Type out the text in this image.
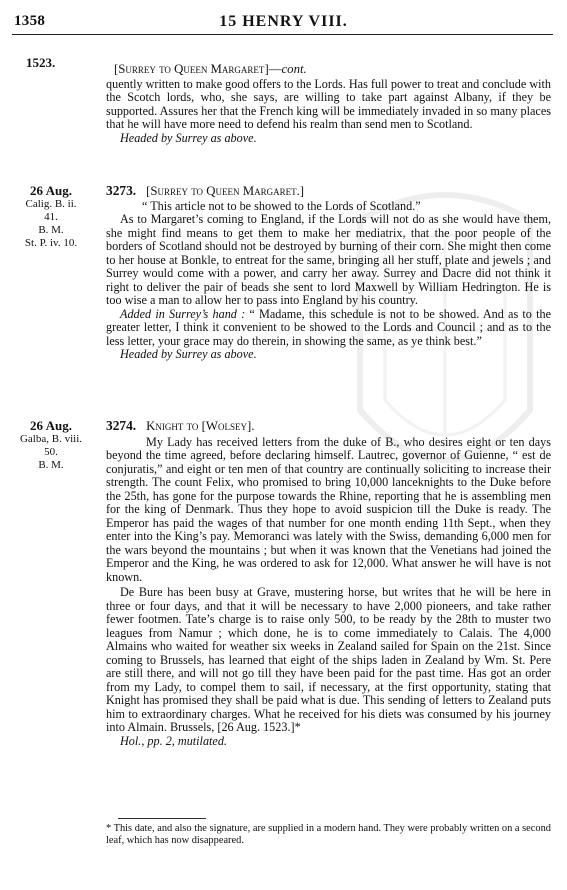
1358	15 HENRY VIII.
1523.	[Surrey to Queen Margaret]—cont.

quently written to make good offers to the Lords. Has full power to treat and conclude with the Scotch lords, who, she says, are willing to take part against Albany, if they be supported. Assures her that the French king will be immediately invaded in so many places that he will have more need to defend his realm than send men to Scotland.

Headed by Surrey as above.

26 Aug.
Calig. B. ii.
41.
B. M.
St. P. iv. 10.

3273. [Surrey to Queen Margaret.]

“ This article not to be showed to the Lords of Scotland.”

As to Margaret’s coming to England, if the Lords will not do as she would have them, she might find means to get them to make her mediatrix, that the poor people of the borders of Scotland should not be destroyed by burning of their corn. She might then come to her house at Bonkle, to entreat for the same, bringing all her stuff, plate and jewels ; and Surrey would come with a power, and carry her away. Surrey and Dacre did not think it right to deliver the pair of beads she sent to lord Maxwell by William Hedrington. He is too wise a man to allow her to pass into England by his country.

Added in Surrey’s hand : “ Madame, this schedule is not to be showed. And as to the greater letter, I think it convenient to be showed to the Lords and Council ; and as to the less letter, your grace may do therein, in showing the same, as ye think best.”

Headed by Surrey as above.

26 Aug.
Galba, B. viii.
50.
B. M.

3274. Knight to [Wolsey].

My Lady has received letters from the duke of B., who desires eight or ten days beyond the time agreed, before declaring himself. Lautrec, governor of Guienne, “ est de conjuratis,” and eight or ten men of that country are continually soliciting to increase their strength. The count Felix, who promised to bring 10,000 lanceknights to the Duke before the 25th, has gone for the purpose towards the Rhine, reporting that he is assembling men for the king of Denmark. Thus they hope to avoid suspicion till the Duke is ready. The Emperor has paid the wages of that number for one month ending 11th Sept., when they enter into the King’s pay. Memoranci was lately with the Swiss, demanding 6,000 men for the wars beyond the mountains ; but when it was known that the Venetians had joined the Emperor and the King, he was ordered to ask for 12,000. What answer he will have is not known.

De Bure has been busy at Grave, mustering horse, but writes that he will be here in three or four days, and that it will be necessary to have 2,000 pioneers, and take rather fewer footmen. Tate’s charge is to raise only 500, to be ready by the 28th to muster two leagues from Namur ; which done, he is to come immediately to Calais. The 4,000 Almains who waited for weather six weeks in Zealand sailed for Spain on the 21st. Since coming to Brussels, has learned that eight of the ships laden in Zealand by Wm. St. Pere are still there, and will not go till they have been paid for the past time. Has got an order from my Lady, to compel them to sail, if necessary, at the first opportunity, stating that Knight has promised they shall be paid what is due. This sending of letters to Zealand puts him to extraordinary charges. What he received for his diets was consumed by his journey into Almain. Brussels, [26 Aug. 1523.]*

Hol., pp. 2, mutilated.

* This date, and also the signature, are supplied in a modern hand. They were probably written on a second leaf, which has now disappeared.
